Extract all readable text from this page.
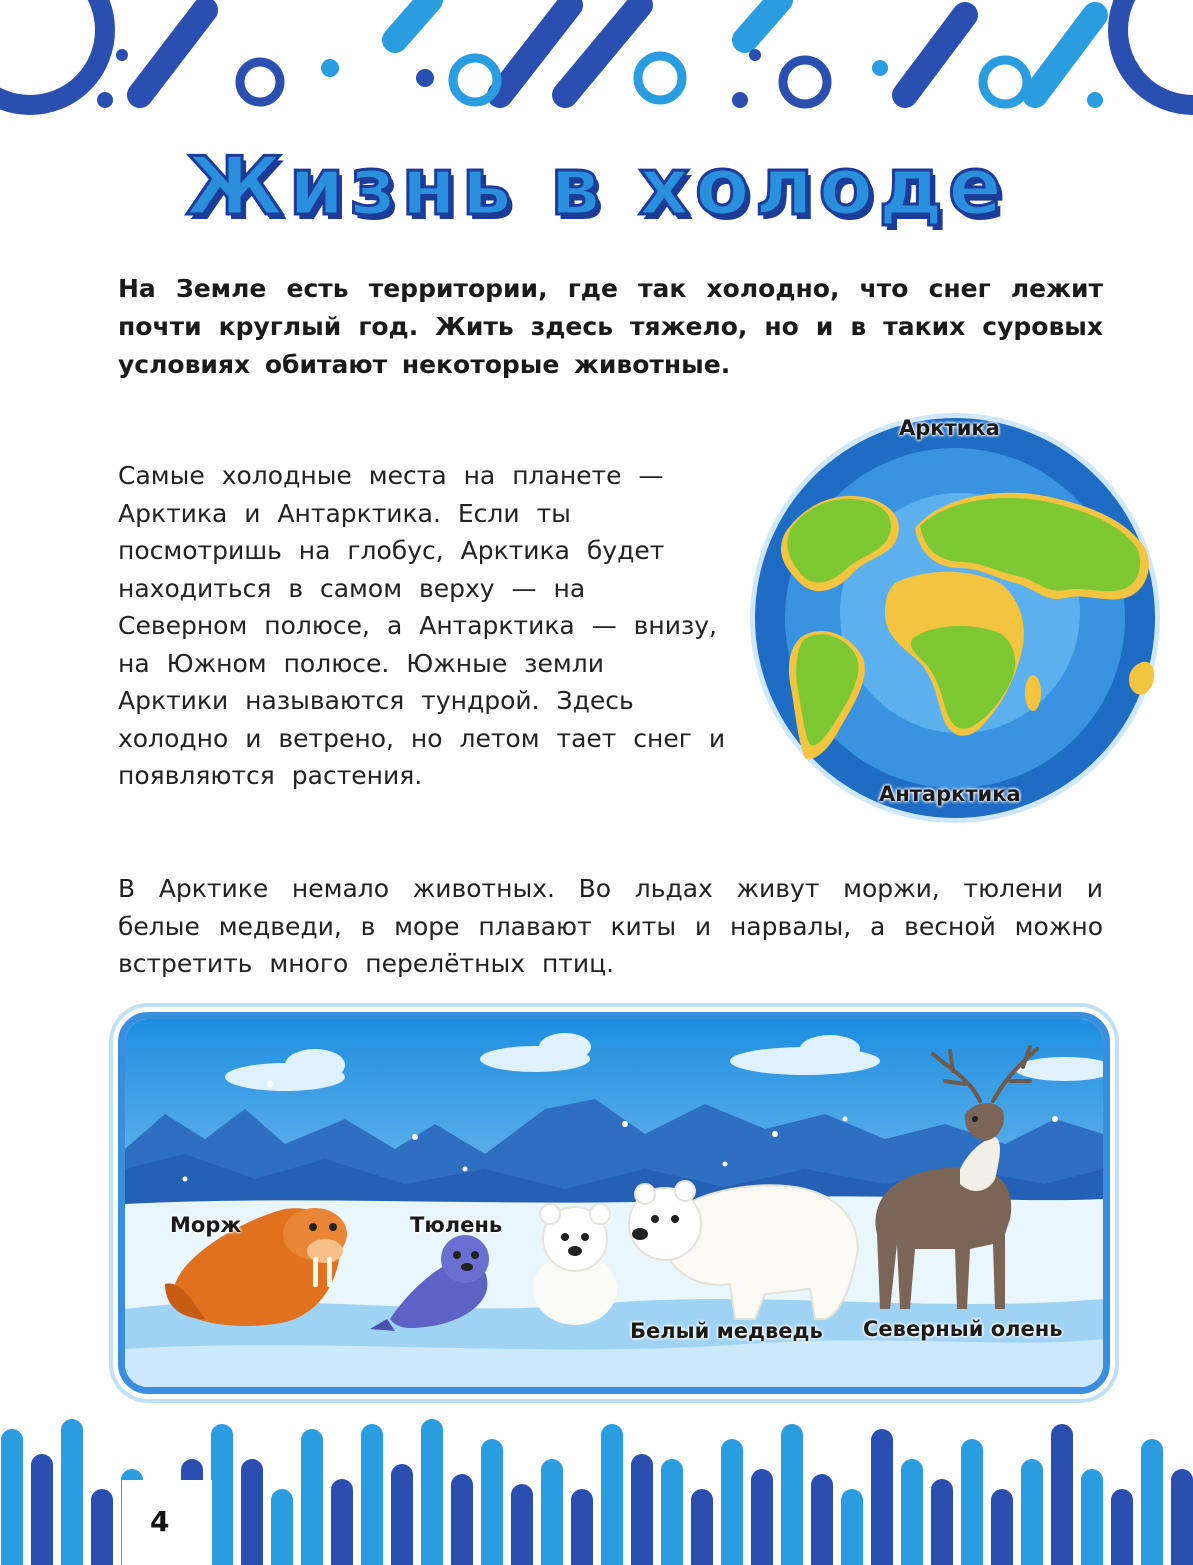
Жизнь в холоде

На Земле есть территории, где так холодно, что снег лежит почти круглый год. Жить здесь тяжело, но и в таких суровых условиях обитают некоторые животные.

Самые холодные места на планете — Арктика и Антарктика. Если ты посмотришь на глобус, Арктика будет находиться в самом верху — на Северном полюсе, а Антарктика — внизу, на Южном полюсе. Южные земли Арктики называются тундрой. Здесь холодно и ветрено, но летом тает снег и появляются растения.

Арктика
Антарктика

В Арктике немало животных. Во льдах живут моржи, тюлени и белые медведи, в море плавают киты и нарвалы, а весной можно встретить много перелётных птиц.

Морж	Тюлень
Белый медведь Северный олень
4
